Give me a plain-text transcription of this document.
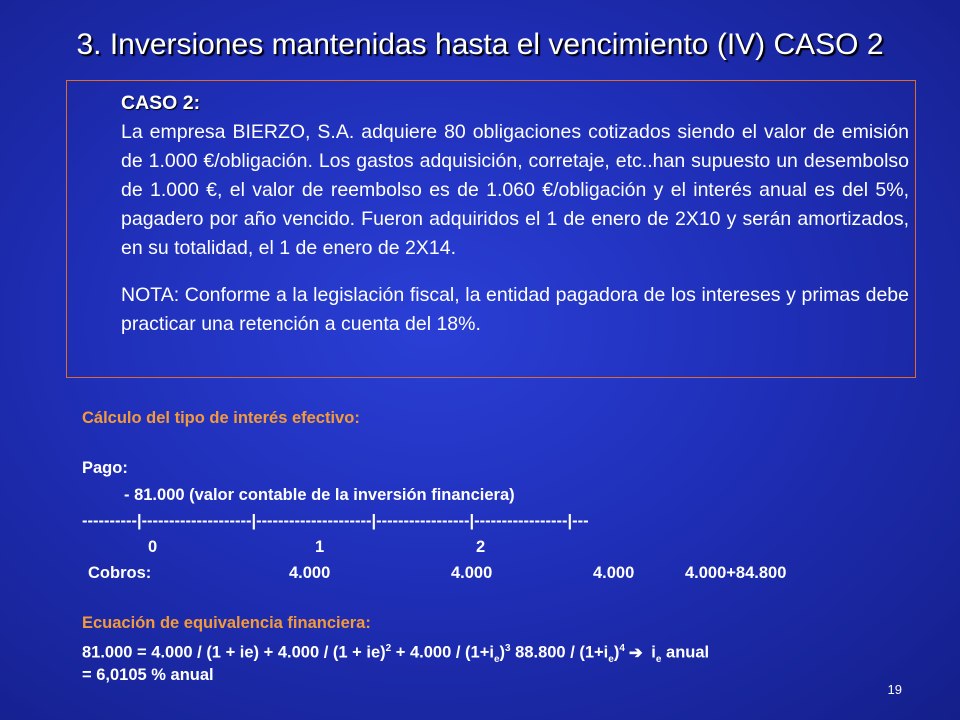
3. Inversiones mantenidas hasta el vencimiento (IV) CASO 2
CASO 2:

La empresa BIERZO, S.A. adquiere 80 obligaciones cotizados siendo el valor de emisión de 1.000 €/obligación. Los gastos adquisición, corretaje, etc..han supuesto un desembolso de 1.000 €, el valor de reembolso es de 1.060 €/obligación y el interés anual es del 5%, pagadero por año vencido. Fueron adquiridos el 1 de enero de 2X10 y serán amortizados, en su totalidad, el 1 de enero de 2X14.

NOTA: Conforme a la legislación fiscal, la entidad pagadora de los intereses y primas debe practicar una retención a cuenta del 18%.

Cálculo del tipo de interés efectivo:
Pago:
- 81.000 (valor contable de la inversión financiera)
----------|--------------------|---------------------|-----------------|-----------------|---
0	1	2
Cobros:	4.000	4.000	4.000	4.000+84.800
Ecuación de equivalencia financiera:
$81.000 = 4.000 / (1 + ie) + 4.000 / (1 + ie)^2 + 4.000 / (1+i_e)^3$ $88.800 / (1+i_e)^4$ ➔ $i_e$ anual
= 6,0105 % anual
19
